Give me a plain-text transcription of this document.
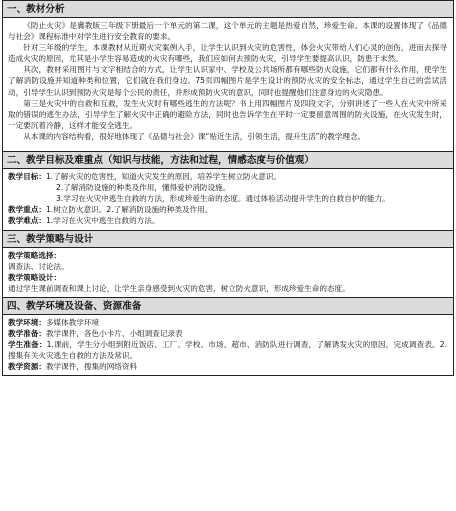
一、教材分析

《防止火灾》是冀教版三年级下册最后一个单元的第二课，这个单元的主题是热爱自然，珍爱生命。本课的设置体现了《品德与社会》课程标准中对学生进行安全教育的要求。

针对三年级的学生，本课教材从近期火灾案例入手，让学生认识到火灾的危害性，体会火灾带给人们心灵的创伤，进而去探寻造成火灾的原因，尤其是小学生容易造成的火灾有哪些，我们应如何去预防火灾，引导学生要提高认识，防患于未然。

其次，教材采用图片与文字相结合的方式，让学生认识家中、学校及公共场所都有哪些防火设施，它们都有什么作用，使学生了解消防设施并知道种类和位置，它们就在我们身边。75页四幅图片是学生设计的预防火灾的安全标志，通过学生自己的尝试活动，引导学生认识到预防火灾是每个公民的责任，并形成预防火灾的意识，同时也提醒他们注意身边的火灾隐患。

第三是火灾中的自救和互救，发生火灾时有哪些逃生的方法呢？书上用四幅图片及四段文字，分别讲述了一些人在火灾中所采取的错误的逃生办法，引导学生了解火灾中正确的避险方法，同时也告诉学生在平时一定要留意周围的防火设施，在火灾发生时，一定要沉着冷静，这样才能安全逃生。

从本课的内容结构看，很好地体现了《品德与社会》课“贴近生活，引领生活，提升生活”的教学理念。

二、教学目标及难重点（知识与技能，方法和过程，情感态度与价值观）

教学目标：1.了解火灾的危害性，知道火灾发生的原因，培养学生树立防火意识。

2.了解消防设施的种类及作用，懂得爱护消防设施。

3.学习在火灾中逃生自救的方法，形成珍爱生命的态度。通过体验活动提升学生的自救自护的能力。

教学重点：1.树立防火意识。2.了解消防设施的种类及作用。

教学难点：1.学习在火灾中逃生自救的方法。

三、教学策略与设计

教学策略选择：

调查法、讨论法。

教学策略设计：

通过学生课前调查和课上讨论，让学生亲身感受到火灾的危害，树立防火意识，形成珍爱生命的态度。

四、教学环境及设备、资源准备

教学环境：多媒体教学环境

教学准备：教学课件，各色小卡片、小组调查记录表

学生准备：1.课前，学生分小组到附近饭店、工厂、学校、市场、超市、消防队进行调查，了解诱发火灾的原因，完成调查表。2.搜集有关火灾逃生自救的方法及常识。

教学资源：教学课件，搜集的网络资料
